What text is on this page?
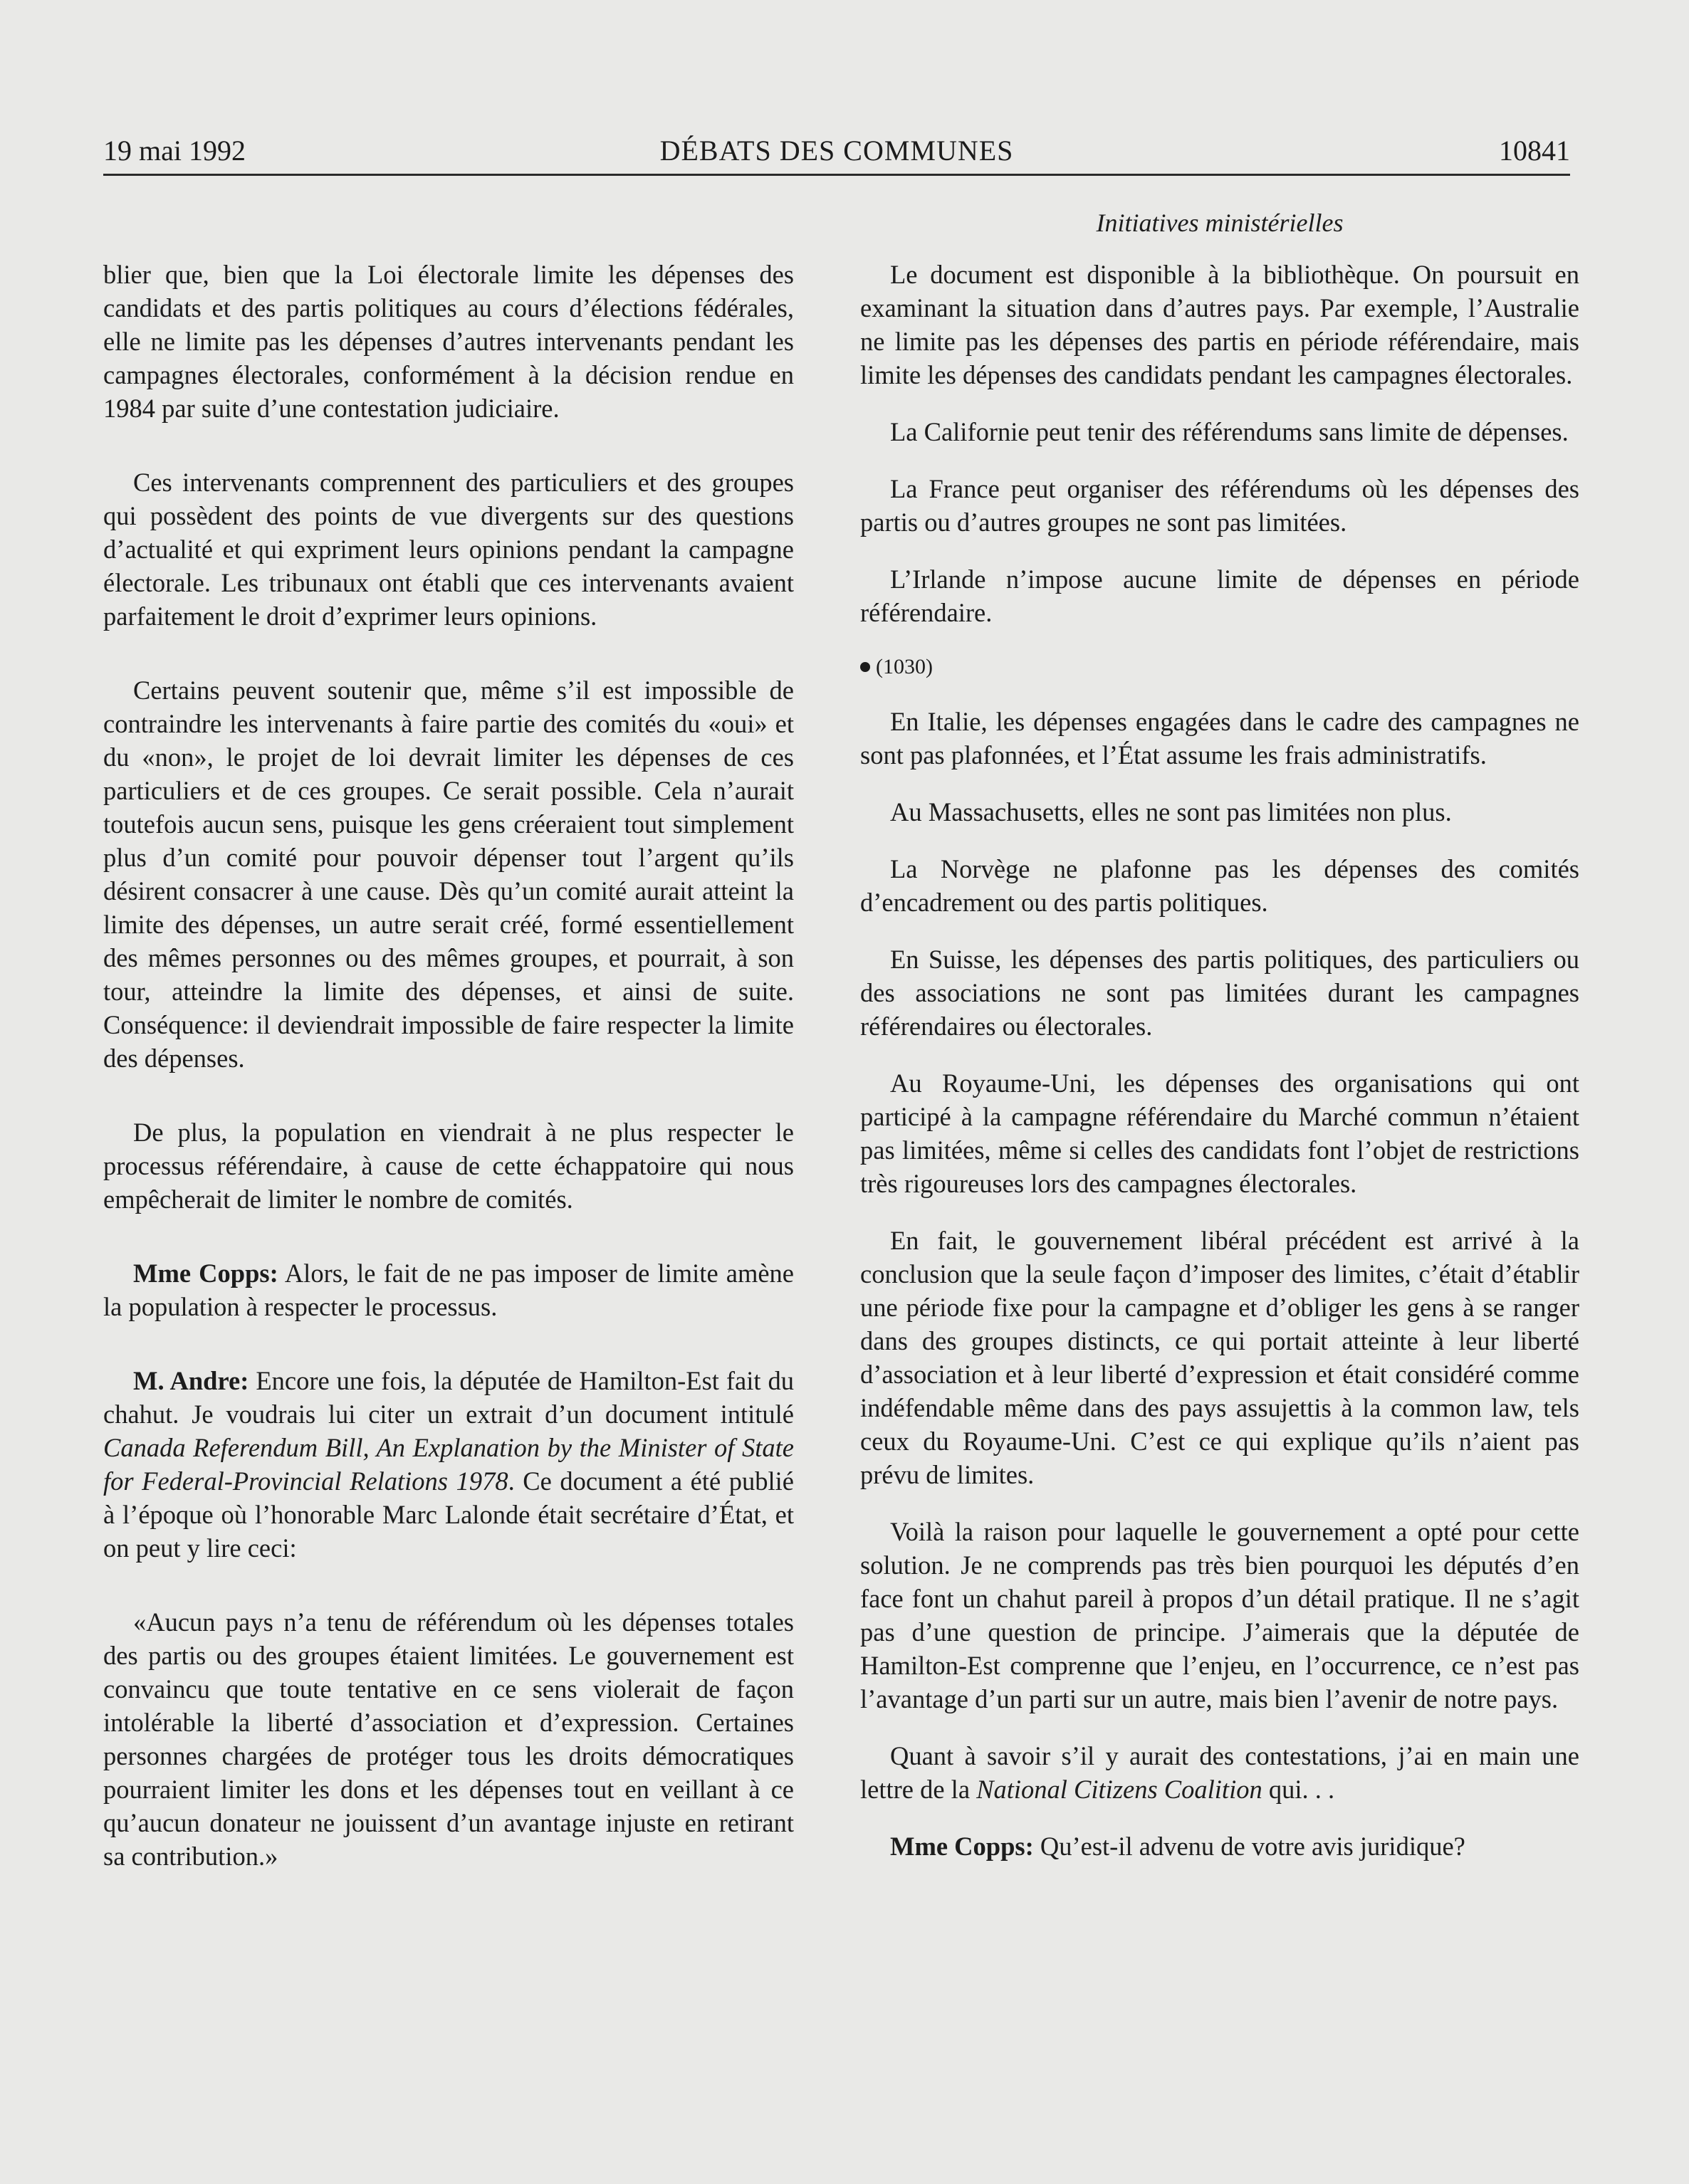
19 mai 1992	DÉBATS DES COMMUNES	10841
Initiatives ministérielles

blier que, bien que la Loi électorale limite les dépenses des candidats et des partis politiques au cours d’élections fédérales, elle ne limite pas les dépenses d’autres intervenants pendant les campagnes électorales, conformément à la décision rendue en 1984 par suite d’une contestation judiciaire.

Ces intervenants comprennent des particuliers et des groupes qui possèdent des points de vue divergents sur des questions d’actualité et qui expriment leurs opinions pendant la campagne électorale. Les tribunaux ont établi que ces intervenants avaient parfaitement le droit d’exprimer leurs opinions.

Certains peuvent soutenir que, même s’il est impossible de contraindre les intervenants à faire partie des comités du «oui» et du «non», le projet de loi devrait limiter les dépenses de ces particuliers et de ces groupes. Ce serait possible. Cela n’aurait toutefois aucun sens, puisque les gens créeraient tout simplement plus d’un comité pour pouvoir dépenser tout l’argent qu’ils désirent consacrer à une cause. Dès qu’un comité aurait atteint la limite des dépenses, un autre serait créé, formé essentiellement des mêmes personnes ou des mêmes groupes, et pourrait, à son tour, atteindre la limite des dépenses, et ainsi de suite. Conséquence: il deviendrait impossible de faire respecter la limite des dépenses.

De plus, la population en viendrait à ne plus respecter le processus référendaire, à cause de cette échappatoire qui nous empêcherait de limiter le nombre de comités.

Mme Copps: Alors, le fait de ne pas imposer de limite amène la population à respecter le processus.

M. Andre: Encore une fois, la députée de Hamilton-Est fait du chahut. Je voudrais lui citer un extrait d’un document intitulé Canada Referendum Bill, An Explanation by the Minister of State for Federal-Provincial Relations 1978. Ce document a été publié à l’époque où l’honorable Marc Lalonde était secrétaire d’État, et on peut y lire ceci:

«Aucun pays n’a tenu de référendum où les dépenses totales des partis ou des groupes étaient limitées. Le gouvernement est convaincu que toute tentative en ce sens violerait de façon intolérable la liberté d’association et d’expression. Certaines personnes chargées de protéger tous les droits démocratiques pourraient limiter les dons et les dépenses tout en veillant à ce qu’aucun donateur ne jouissent d’un avantage injuste en retirant sa contribution.»

Le document est disponible à la bibliothèque. On poursuit en examinant la situation dans d’autres pays. Par exemple, l’Australie ne limite pas les dépenses des partis en période référendaire, mais limite les dépenses des candidats pendant les campagnes électorales.

La Californie peut tenir des référendums sans limite de dépenses.

La France peut organiser des référendums où les dépenses des partis ou d’autres groupes ne sont pas limitées.

L’Irlande n’impose aucune limite de dépenses en période référendaire.

(1030)

En Italie, les dépenses engagées dans le cadre des campagnes ne sont pas plafonnées, et l’État assume les frais administratifs.

Au Massachusetts, elles ne sont pas limitées non plus.

La Norvège ne plafonne pas les dépenses des comités d’encadrement ou des partis politiques.

En Suisse, les dépenses des partis politiques, des particuliers ou des associations ne sont pas limitées durant les campagnes référendaires ou électorales.

Au Royaume-Uni, les dépenses des organisations qui ont participé à la campagne référendaire du Marché commun n’étaient pas limitées, même si celles des candidats font l’objet de restrictions très rigoureuses lors des campagnes électorales.

En fait, le gouvernement libéral précédent est arrivé à la conclusion que la seule façon d’imposer des limites, c’était d’établir une période fixe pour la campagne et d’obliger les gens à se ranger dans des groupes distincts, ce qui portait atteinte à leur liberté d’association et à leur liberté d’expression et était considéré comme indéfendable même dans des pays assujettis à la common law, tels ceux du Royaume-Uni. C’est ce qui explique qu’ils n’aient pas prévu de limites.

Voilà la raison pour laquelle le gouvernement a opté pour cette solution. Je ne comprends pas très bien pourquoi les députés d’en face font un chahut pareil à propos d’un détail pratique. Il ne s’agit pas d’une question de principe. J’aimerais que la députée de Hamilton-Est comprenne que l’enjeu, en l’occurrence, ce n’est pas l’avantage d’un parti sur un autre, mais bien l’avenir de notre pays.

Quant à savoir s’il y aurait des contestations, j’ai en main une lettre de la National Citizens Coalition qui. . .

Mme Copps: Qu’est-il advenu de votre avis juridique?
